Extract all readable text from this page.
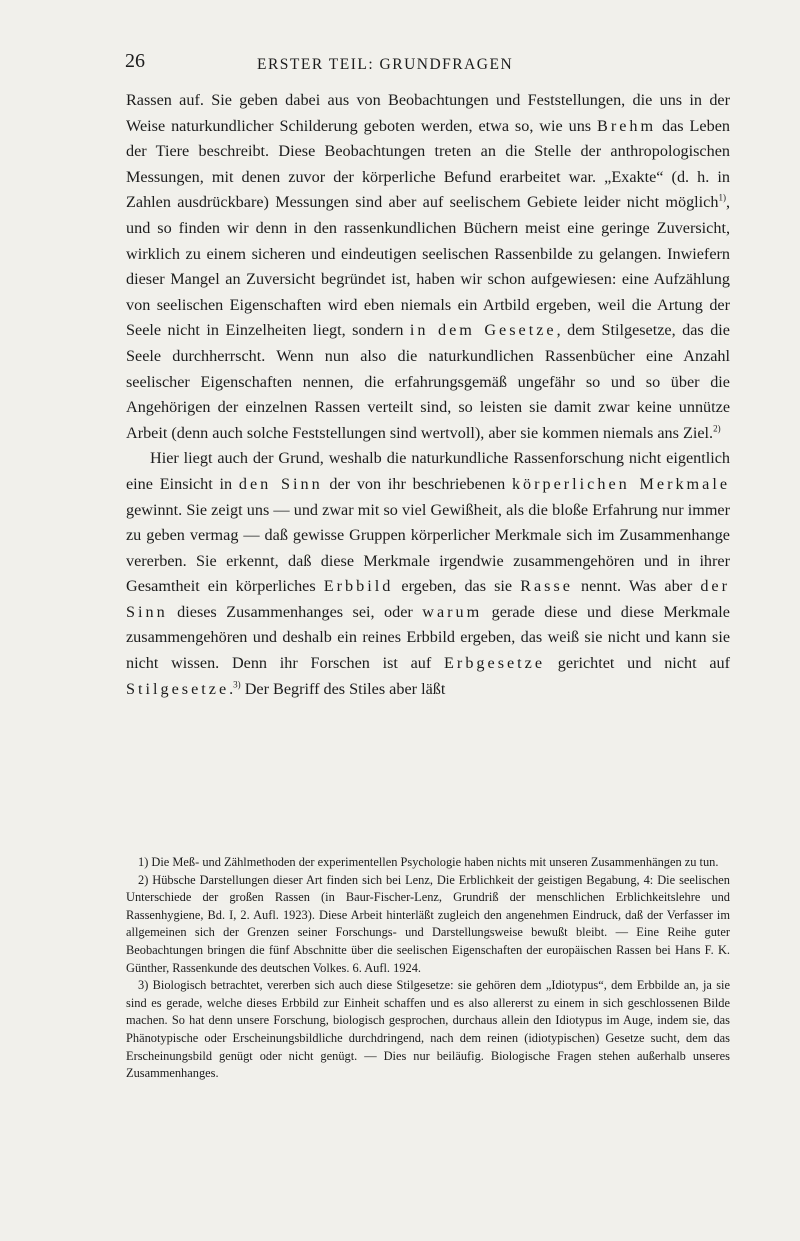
26	ERSTER TEIL: GRUNDFRAGEN

Rassen auf. Sie geben dabei aus von Beobachtungen und Feststellungen, die uns in der Weise naturkundlicher Schilderung geboten werden, etwa so, wie uns Brehm das Leben der Tiere beschreibt. Diese Beobachtungen treten an die Stelle der anthropologischen Messungen, mit denen zuvor der körperliche Befund erarbeitet war. „Exakte“ (d. h. in Zahlen ausdrückbare) Messungen sind aber auf seelischem Gebiete leider nicht möglich$^{1)}$, und so finden wir denn in den rassenkundlichen Büchern meist eine geringe Zuversicht, wirklich zu einem sicheren und eindeutigen seelischen Rassenbilde zu gelangen. Inwiefern dieser Mangel an Zuversicht begründet ist, haben wir schon aufgewiesen: eine Aufzählung von seelischen Eigenschaften wird eben niemals ein Artbild ergeben, weil die Artung der Seele nicht in Einzelheiten liegt, sondern in dem Gesetze, dem Stilgesetze, das die Seele durchherrscht. Wenn nun also die naturkundlichen Rassenbücher eine Anzahl seelischer Eigenschaften nennen, die erfahrungsgemäß ungefähr so und so über die Angehörigen der einzelnen Rassen verteilt sind, so leisten sie damit zwar keine unnütze Arbeit (denn auch solche Feststellungen sind wertvoll), aber sie kommen niemals ans Ziel.$^{2)}$

Hier liegt auch der Grund, weshalb die naturkundliche Rassenforschung nicht eigentlich eine Einsicht in den Sinn der von ihr beschriebenen körperlichen Merkmale gewinnt. Sie zeigt uns — und zwar mit so viel Gewißheit, als die bloße Erfahrung nur immer zu geben vermag — daß gewisse Gruppen körperlicher Merkmale sich im Zusammenhange vererben. Sie erkennt, daß diese Merkmale irgendwie zusammengehören und in ihrer Gesamtheit ein körperliches Erbbild ergeben, das sie Rasse nennt. Was aber der Sinn dieses Zusammenhanges sei, oder warum gerade diese und diese Merkmale zusammengehören und deshalb ein reines Erbbild ergeben, das weiß sie nicht und kann sie nicht wissen. Denn ihr Forschen ist auf Erbgesetze gerichtet und nicht auf Stilgesetze.$^{3)}$ Der Begriff des Stiles aber läßt

1) Die Meß- und Zählmethoden der experimentellen Psychologie haben nichts mit unseren Zusammenhängen zu tun.

2) Hübsche Darstellungen dieser Art finden sich bei Lenz, Die Erblichkeit der geistigen Begabung, 4: Die seelischen Unterschiede der großen Rassen (in Baur-Fischer-Lenz, Grundriß der menschlichen Erblichkeitslehre und Rassenhygiene, Bd. I, 2. Aufl. 1923). Diese Arbeit hinterläßt zugleich den angenehmen Eindruck, daß der Verfasser im allgemeinen sich der Grenzen seiner Forschungs- und Darstellungsweise bewußt bleibt. — Eine Reihe guter Beobachtungen bringen die fünf Abschnitte über die seelischen Eigenschaften der europäischen Rassen bei Hans F. K. Günther, Rassenkunde des deutschen Volkes. 6. Aufl. 1924.

3) Biologisch betrachtet, vererben sich auch diese Stilgesetze: sie gehören dem „Idiotypus“, dem Erbbilde an, ja sie sind es gerade, welche dieses Erbbild zur Einheit schaffen und es also allererst zu einem in sich geschlossenen Bilde machen. So hat denn unsere Forschung, biologisch gesprochen, durchaus allein den Idiotypus im Auge, indem sie, das Phänotypische oder Erscheinungsbildliche durchdringend, nach dem reinen (idiotypischen) Gesetze sucht, dem das Erscheinungsbild genügt oder nicht genügt. — Dies nur beiläufig. Biologische Fragen stehen außerhalb unseres Zusammenhanges.
